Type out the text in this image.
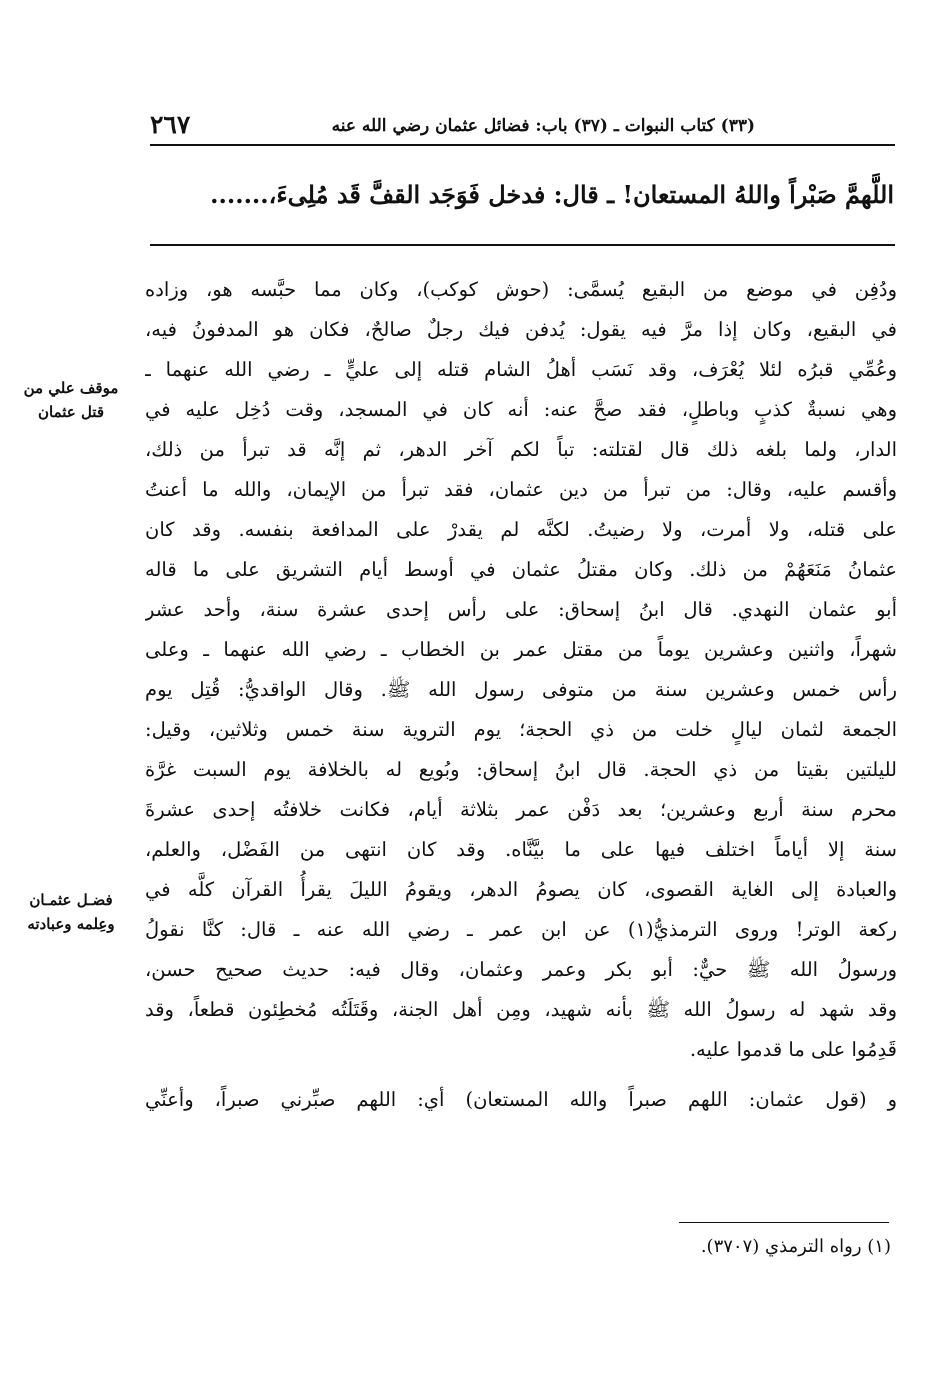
(٣٣) كتاب النبوات ـ (٣٧) باب: فضائل عثمان رضي الله عنه
٢٦٧
اللَّهمَّ صَبْراً واللهُ المستعان! ـ قال: فدخل فَوَجَد القفَّ قَد مُلِىءَ،.......
ودُفِن في موضع من البقيع يُسمَّى: (حوش كوكب)، وكان مما حبَّسه هو، وزاده
في البقيع، وكان إذا مرَّ فيه يقول: يُدفن فيك رجلٌ صالحٌ، فكان هو المدفونُ فيه،
وعُمِّي قبرُه لئلا يُعْرَف، وقد نَسَب أهلُ الشام قتله إلى عليٍّ ـ رضي الله عنهما ـ
وهي نسبةٌ كذبٍ وباطلٍ، فقد صحَّ عنه: أنه كان في المسجد، وقت دُخِل عليه في
الدار، ولما بلغه ذلك قال لقتلته: تباً لكم آخر الدهر، ثم إنَّه قد تبرأ من ذلك،
وأقسم عليه، وقال: من تبرأ من دين عثمان، فقد تبرأ من الإيمان، والله ما أعنتُ
على قتله، ولا أمرت، ولا رضيتُ. لكنَّه لم يقدرْ على المدافعة بنفسه. وقد كان
عثمانُ مَنَعَهُمْ من ذلك. وكان مقتلُ عثمان في أوسط أيام التشريق على ما قاله
أبو عثمان النهدي. قال ابنُ إسحاق: على رأس إحدى عشرة سنة، وأحد عشر
شهراً، واثنين وعشرين يوماً من مقتل عمر بن الخطاب ـ رضي الله عنهما ـ وعلى
رأس خمس وعشرين سنة من متوفى رسول الله ﷺ. وقال الواقديُّ: قُتِل يوم
الجمعة لثمان ليالٍ خلت من ذي الحجة؛ يوم التروية سنة خمس وثلاثين، وقيل:
لليلتين بقيتا من ذي الحجة. قال ابنُ إسحاق: وبُويع له بالخلافة يوم السبت غرَّة
محرم سنة أربع وعشرين؛ بعد دَفْن عمر بثلاثة أيام، فكانت خلافتُه إحدى عشرةَ
سنة إلا أياماً اختلف فيها على ما بيَّنَّاه. وقد كان انتهى من الفَضْل، والعلم،
والعبادة إلى الغاية القصوى، كان يصومُ الدهر، ويقومُ الليلَ يقرأُ القرآن كلَّه في
ركعة الوتر! وروى الترمذيُّ(١) عن ابن عمر ـ رضي الله عنه ـ قال: كنَّا نقولُ
ورسولُ الله ﷺ حيٌّ: أبو بكر وعمر وعثمان، وقال فيه: حديث صحيح حسن،
وقد شهد له رسولُ الله ﷺ بأنه شهيد، ومِن أهل الجنة، وقَتَلَتُه مُخطِئون قطعاً، وقد
قَدِمُوا على ما قدموا عليه.
و (قول عثمان: اللهم صبراً والله المستعان) أي: اللهم صبِّرني صبراً، وأعنِّي
موقف علي من
قتل عثمان
فضـل عثمـان
وعِلمه وعبادته
(١) رواه الترمذي (٣٧٠٧).
